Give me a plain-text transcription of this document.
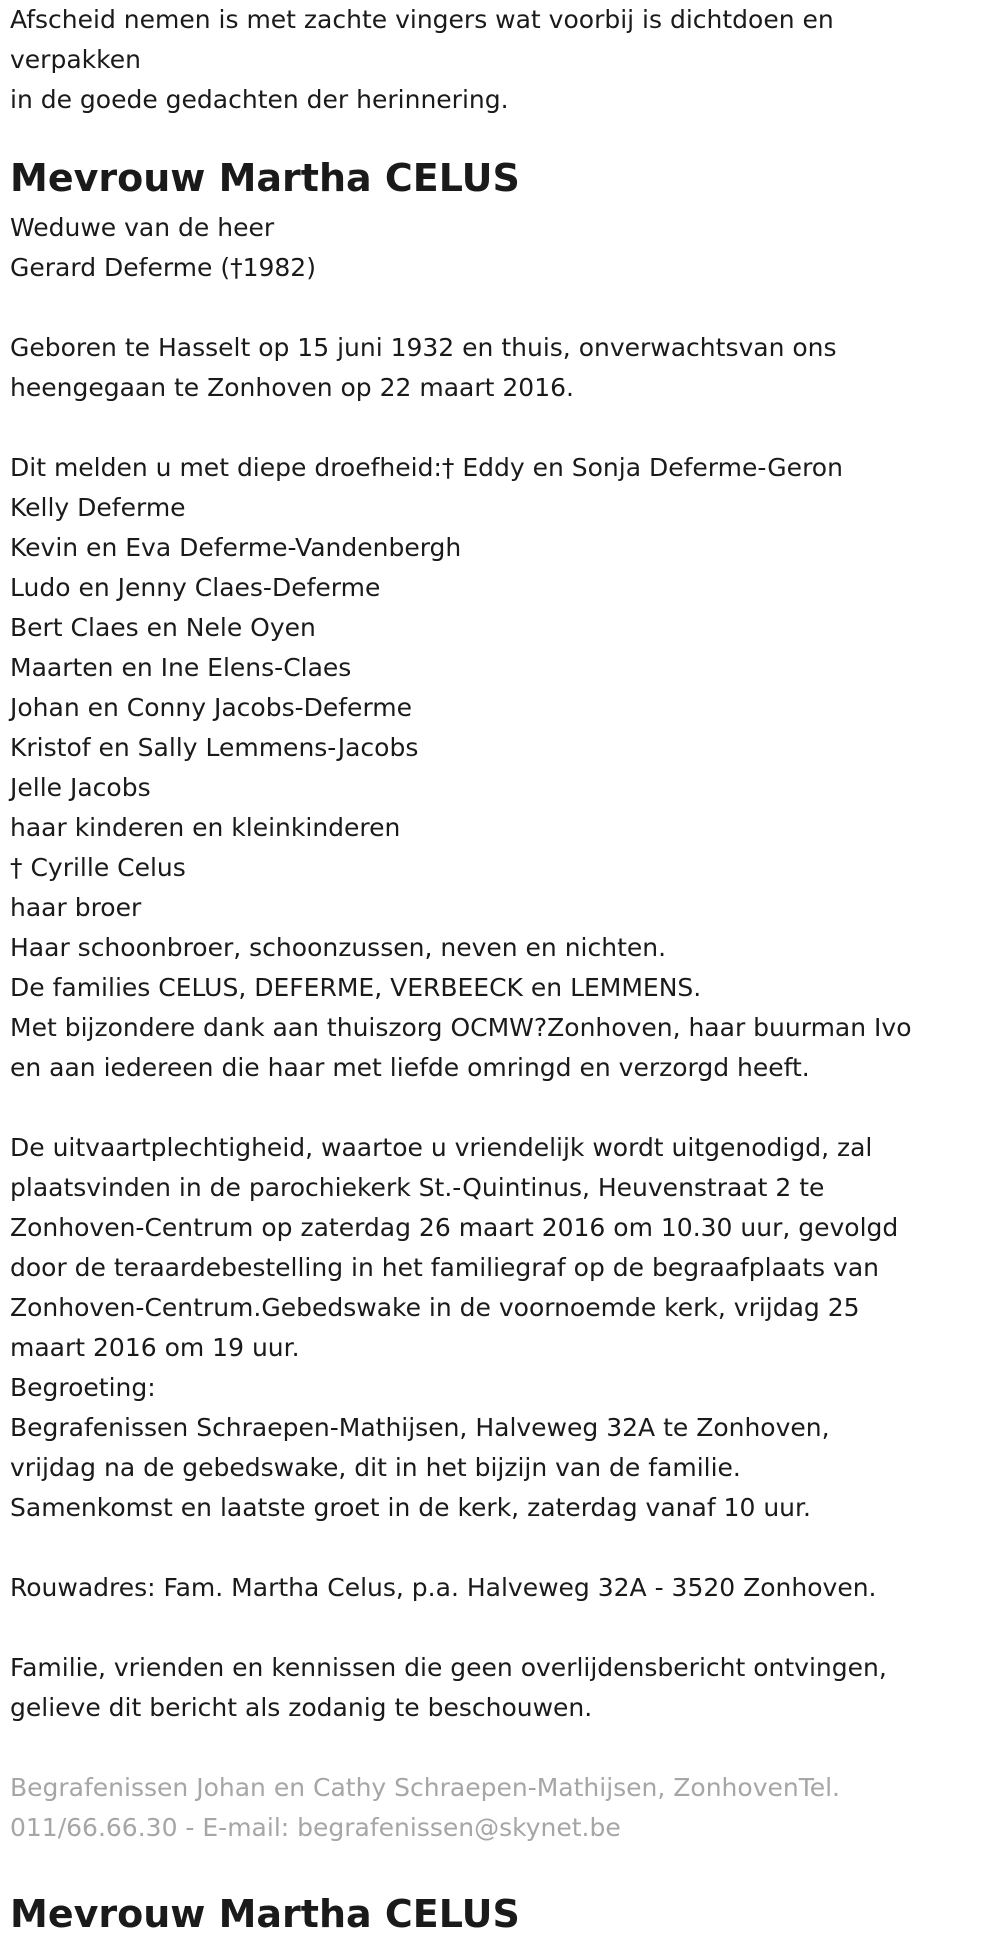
Afscheid nemen is met zachte vingers wat voorbij is dichtdoen en
verpakken
in de goede gedachten der herinnering.
Mevrouw Martha CELUS
Weduwe van de heer
Gerard Deferme (†1982)
Geboren te Hasselt op 15 juni 1932 en thuis, onverwachtsvan ons
heengegaan te Zonhoven op 22 maart 2016.
Dit melden u met diepe droefheid:† Eddy en Sonja Deferme-Geron
Kelly Deferme
Kevin en Eva Deferme-Vandenbergh
Ludo en Jenny Claes-Deferme
Bert Claes en Nele Oyen
Maarten en Ine Elens-Claes
Johan en Conny Jacobs-Deferme
Kristof en Sally Lemmens-Jacobs
Jelle Jacobs
haar kinderen en kleinkinderen
† Cyrille Celus
haar broer
Haar schoonbroer, schoonzussen, neven en nichten.
De families CELUS, DEFERME, VERBEECK en LEMMENS.
Met bijzondere dank aan thuiszorg OCMW?Zonhoven, haar buurman Ivo
en aan iedereen die haar met liefde omringd en verzorgd heeft.
De uitvaartplechtigheid, waartoe u vriendelijk wordt uitgenodigd, zal
plaatsvinden in de parochiekerk St.-Quintinus, Heuvenstraat 2 te
Zonhoven-Centrum op zaterdag 26 maart 2016 om 10.30 uur, gevolgd
door de teraardebestelling in het familiegraf op de begraafplaats van
Zonhoven-Centrum.Gebedswake in de voornoemde kerk, vrijdag 25
maart 2016 om 19 uur.
Begroeting:
Begrafenissen Schraepen-Mathijsen, Halveweg 32A te Zonhoven,
vrijdag na de gebedswake, dit in het bijzijn van de familie.
Samenkomst en laatste groet in de kerk, zaterdag vanaf 10 uur.
Rouwadres: Fam. Martha Celus, p.a. Halveweg 32A - 3520 Zonhoven.
Familie, vrienden en kennissen die geen overlijdensbericht ontvingen,
gelieve dit bericht als zodanig te beschouwen.
Begrafenissen Johan en Cathy Schraepen-Mathijsen, ZonhovenTel.
011/66.66.30 - E-mail: begrafenissen@skynet.be
Mevrouw Martha CELUS
